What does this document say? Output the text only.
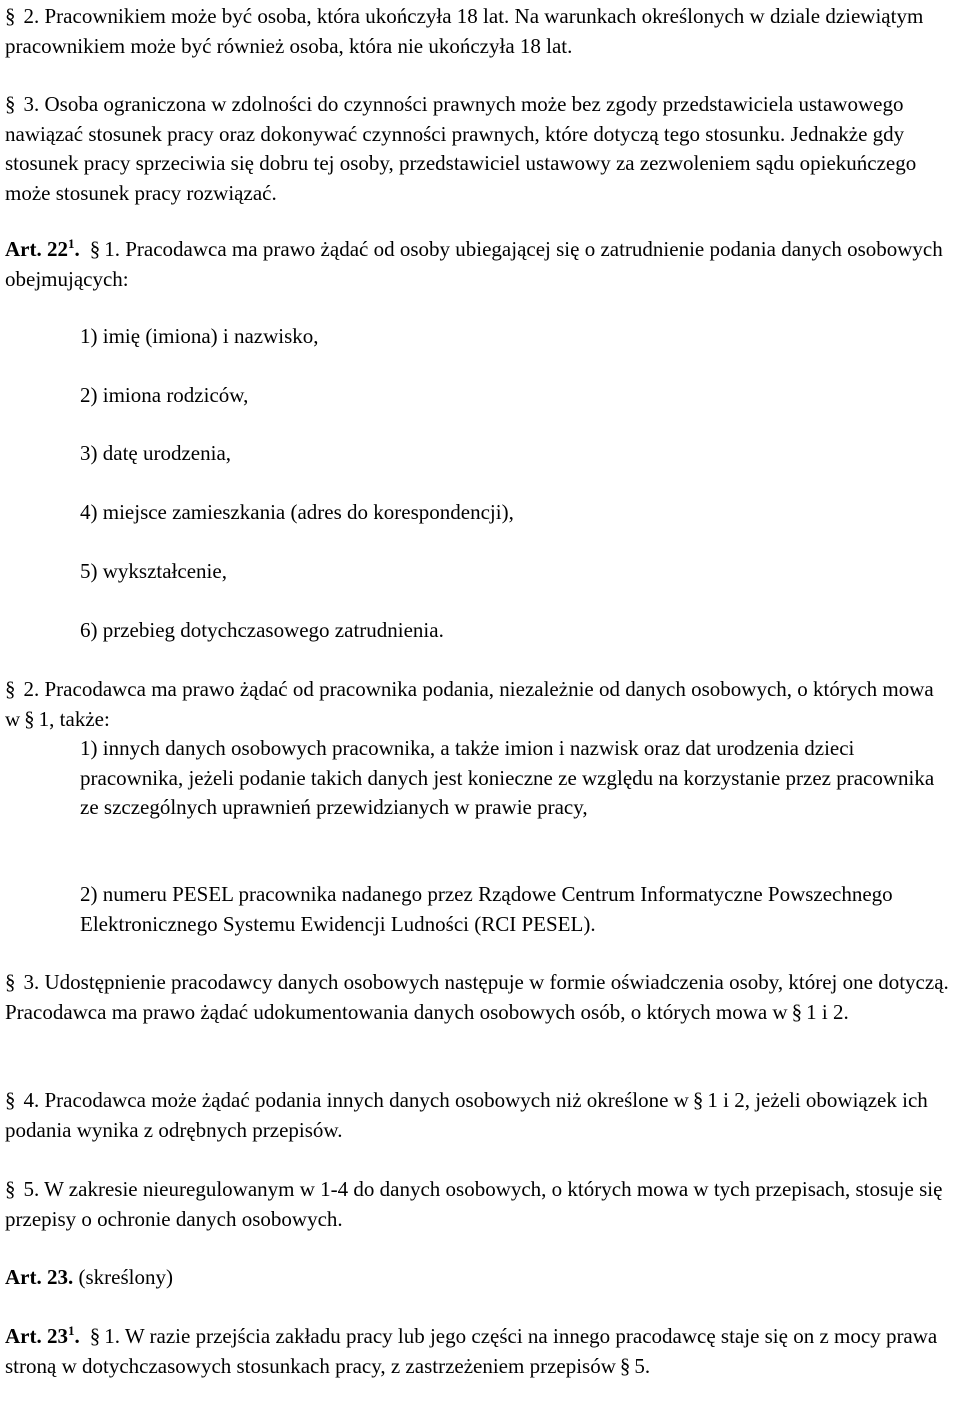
§ 2. Pracownikiem może być osoba, która ukończyła 18 lat. Na warunkach określonych w dziale dziewiątym pracownikiem może być również osoba, która nie ukończyła 18 lat.

§ 3. Osoba ograniczona w zdolności do czynności prawnych może bez zgody przedstawiciela ustawowego nawiązać stosunek pracy oraz dokonywać czynności prawnych, które dotyczą tego stosunku. Jednakże gdy stosunek pracy sprzeciwia się dobru tej osoby, przedstawiciel ustawowy za zezwoleniem sądu opiekuńczego może stosunek pracy rozwiązać.

Art. $22^1$. § 1. Pracodawca ma prawo żądać od osoby ubiegającej się o zatrudnienie podania danych osobowych obejmujących:

1) imię (imiona) i nazwisko,

2) imiona rodziców,

3) datę urodzenia,

4) miejsce zamieszkania (adres do korespondencji),

5) wykształcenie,

6) przebieg dotychczasowego zatrudnienia.

§ 2. Pracodawca ma prawo żądać od pracownika podania, niezależnie od danych osobowych, o których mowa w § 1, także:

1) innych danych osobowych pracownika, a także imion i nazwisk oraz dat urodzenia dzieci pracownika, jeżeli podanie takich danych jest konieczne ze względu na korzystanie przez pracownika ze szczególnych uprawnień przewidzianych w prawie pracy,

2) numeru PESEL pracownika nadanego przez Rządowe Centrum Informatyczne Powszechnego Elektronicznego Systemu Ewidencji Ludności (RCI PESEL).

§ 3. Udostępnienie pracodawcy danych osobowych następuje w formie oświadczenia osoby, której one dotyczą. Pracodawca ma prawo żądać udokumentowania danych osobowych osób, o których mowa w § 1 i 2.

§ 4. Pracodawca może żądać podania innych danych osobowych niż określone w § 1 i 2, jeżeli obowiązek ich podania wynika z odrębnych przepisów.

§ 5. W zakresie nieuregulowanym w 1-4 do danych osobowych, o których mowa w tych przepisach, stosuje się przepisy o ochronie danych osobowych.

Art. 23. (skreślony)

Art. $23^1$. § 1. W razie przejścia zakładu pracy lub jego części na innego pracodawcę staje się on z mocy prawa stroną w dotychczasowych stosunkach pracy, z zastrzeżeniem przepisów § 5.
